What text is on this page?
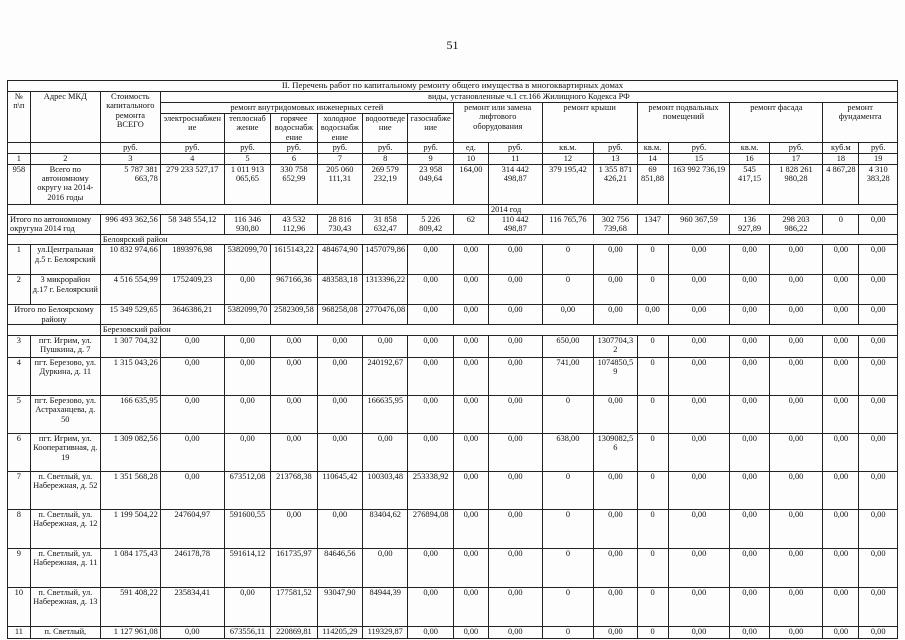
51
II. Перечень работ по капитальному ремонту общего имущества в многоквартирных домах																		
№ п\п	Адрес МКД	Стоимость капитального ремонта ВСЕГО	виды, установленные ч.1 ст.166 Жилищного Кодекса РФ															
			ремонт внутридомовых инженерных сетей						ремонт или замена лифтового оборудования		ремонт крыши		ремонт подвальных помещений		ремонт фасада		ремонт фундамента	
			электроснабжение	теплоснабжение	горячее водоснабжение	холодное водоснабжение	водоотведение	газоснабжение										
		руб.	руб.	руб.	руб.	руб.	руб.	руб.	ед.	руб.	кв.м.	руб.	кв.м.	руб.	кв.м.	руб.	куб.м	руб.
1	2	3	4	5	6	7	8	9	10	11	12	13	14	15	16	17	18	19
958	Всего по автономному округу на 2014-2016 годы	5 787 381 663,78	279 233 527,17	1 011 913 065,65	330 758 652,99	205 060 111,31	269 579 232,19	23 958 049,64	164,00	314 442 498,87	379 195,42	1 355 871 426,21	69 851,88	163 992 736,19	545 417,15	1 828 261 980,28	4 867,28	4 310 383,28
										2014 год								
Итого по автономному округуна 2014 год		996 493 362,56	58 348 554,12	116 346 930,80	43 532 112,96	28 816 730,43	31 858 632,47	5 226 809,42	62	110 442 498,87	116 765,76	302 756 739,68	1347	960 367,59	136 927,89	298 203 986,22	0	0,00
		Белоярский район																
1	ул.Центральная д.5 г. Белоярский	10 832 974,66	1893976,98	5382099,70	1615143,22	484674,90	1457079,86	0,00	0,00	0,00	0	0,00	0	0,00	0,00	0,00	0,00	0,00
2	3 микрорайон д.17 г. Белоярский	4 516 554,99	1752409,23	0,00	967166,36	483583,18	1313396,22	0,00	0,00	0,00	0	0,00	0	0,00	0,00	0,00	0,00	0,00
Итого по Белоярскому району		15 349 529,65	3646386,21	5382099,70	2582309,58	968258,08	2770476,08	0,00	0,00	0,00	0,00	0,00	0,00	0,00	0,00	0,00	0,00	0,00
		Березовский район																
3	пгт. Игрим, ул. Пушкина, д. 7	1 307 704,32	0,00	0,00	0,00	0,00	0,00	0,00	0,00	0,00	650,00	1307704,32	0	0,00	0,00	0,00	0,00	0,00
4	пгт. Березово, ул. Дуркина, д. 11	1 315 043,26	0,00	0,00	0,00	0,00	240192,67	0,00	0,00	0,00	741,00	1074850,59	0	0,00	0,00	0,00	0,00	0,00
5	пгт. Березово, ул. Астраханцева, д. 50	166 635,95	0,00	0,00	0,00	0,00	166635,95	0,00	0,00	0,00	0	0,00	0	0,00	0,00	0,00	0,00	0,00
6	пгт. Игрим, ул. Кооперативная, д. 19	1 309 082,56	0,00	0,00	0,00	0,00	0,00	0,00	0,00	0,00	638,00	1309082,56	0	0,00	0,00	0,00	0,00	0,00
7	п. Светлый, ул. Набережная, д. 52	1 351 568,28	0,00	673512,08	213768,38	110645,42	100303,48	253338,92	0,00	0,00	0	0,00	0	0,00	0,00	0,00	0,00	0,00
8	п. Светлый, ул. Набережная, д. 12	1 199 504,22	247604,97	591600,55	0,00	0,00	83404,62	276894,08	0,00	0,00	0	0,00	0	0,00	0,00	0,00	0,00	0,00
9	п. Светлый, ул. Набережная, д. 11	1 084 175,43	246178,78	591614,12	161735,97	84646,56	0,00	0,00	0,00	0,00	0	0,00	0	0,00	0,00	0,00	0,00	0,00
10	п. Светлый, ул. Набережная, д. 13	591 408,22	235834,41	0,00	177581,52	93047,90	84944,39	0,00	0,00	0,00	0	0,00	0	0,00	0,00	0,00	0,00	0,00
11	п. Светлый,	1 127 961,08	0,00	673556,11	220869,81	114205,29	119329,87	0,00	0,00	0,00	0	0,00	0	0,00	0,00	0,00	0,00	0,00
